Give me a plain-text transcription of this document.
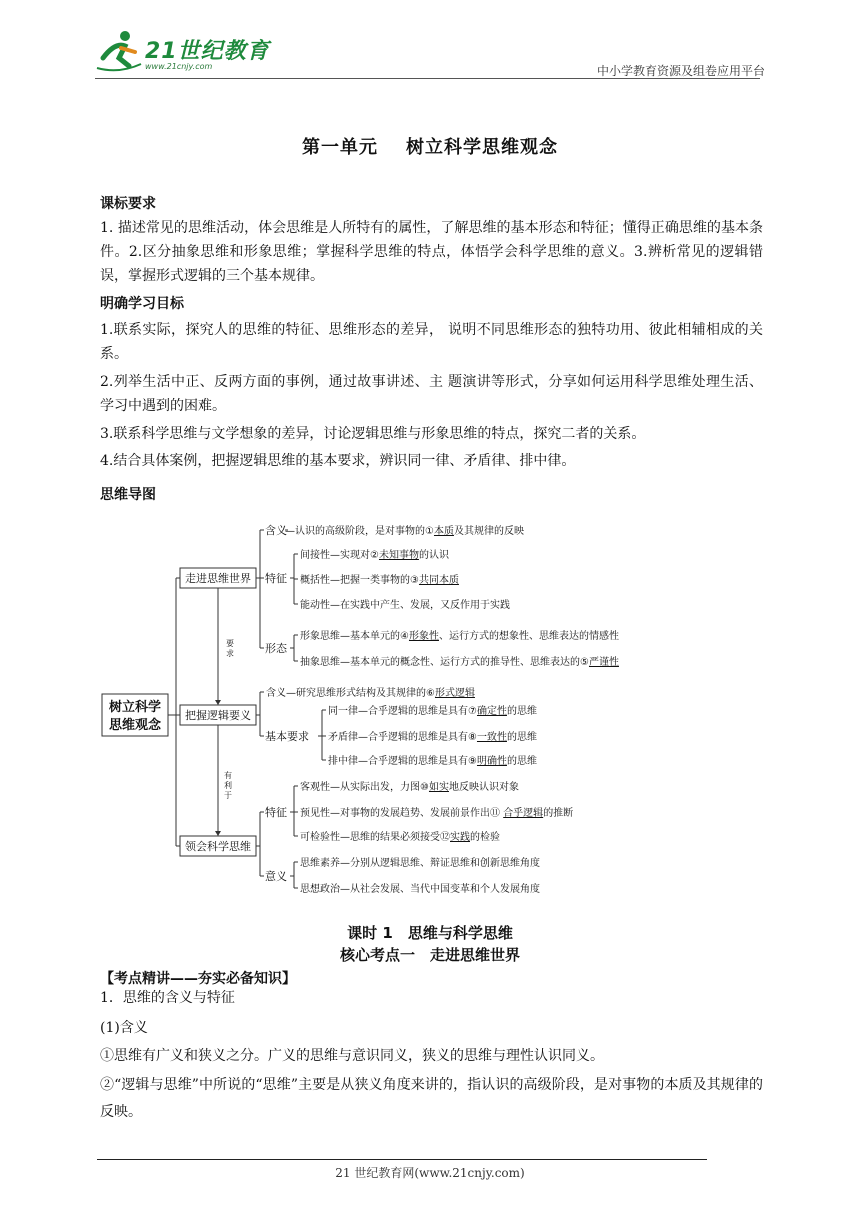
21世纪教育
www.21cnjy.com	中小学教育资源及组卷应用平台
第一单元 树立科学思维观念
课标要求
1. 描述常见的思维活动，体会思维是人所特有的属性，了解思维的基本形态和特征；懂得正确思维的基本条件。2.区分抽象思维和形象思维；掌握科学思维的特点，体悟学会科学思维的意义。3.辨析常见的逻辑错误，掌握形式逻辑的三个基本规律。
明确学习目标
1.联系实际，探究人的思维的特征、思维形态的差异， 说明不同思维形态的独特功用、彼此相辅相成的关系。
2.列举生活中正、反两方面的事例，通过故事讲述、主 题演讲等形式，分享如何运用科学思维处理生活、 学习中遇到的困难。
3.联系科学思维与文学想象的差异，讨论逻辑思维与形象思维的特点，探究二者的关系。
4.结合具体案例，把握逻辑思维的基本要求，辨识同一律、矛盾律、排中律。
思维导图
树立科学
思维观念
走进思维世界
把握逻辑要义
领会科学思维
含义
特征
形态
基本要求
特征
意义
要
求
有
利
于
—认识的高级阶段，是对事物的①本质及其规律的反映
间接性—实现对②未知事物的认识
概括性—把握一类事物的③共同本质
能动性—在实践中产生、发展，又反作用于实践
形象思维—基本单元的④形象性、运行方式的想象性、思维表达的情感性
抽象思维—基本单元的概念性、运行方式的推导性、思维表达的⑤严谨性
含义—研究思维形式结构及其规律的⑥形式逻辑
同一律—合乎逻辑的思维是具有⑦确定性的思维
矛盾律—合乎逻辑的思维是具有⑧一致性的思维
排中律—合乎逻辑的思维是具有⑨明确性的思维
客观性—从实际出发，力图⑩如实地反映认识对象
预见性—对事物的发展趋势、发展前景作出⑪ 合乎逻辑的推断
可检验性—思维的结果必须接受⑫实践的检验
思维素养—分别从逻辑思维、辩证思维和创新思维角度
思想政治—从社会发展、当代中国变革和个人发展角度
课时 1　思维与科学思维
核心考点一　走进思维世界
【考点精讲——夯实必备知识】
1．思维的含义与特征
(1)含义
①思维有广义和狭义之分。广义的思维与意识同义，狭义的思维与理性认识同义。
②“逻辑与思维”中所说的“思维”主要是从狭义角度来讲的，指认识的高级阶段，是对事物的本质及其规律的反映。
21 世纪教育网(www.21cnjy.com)
